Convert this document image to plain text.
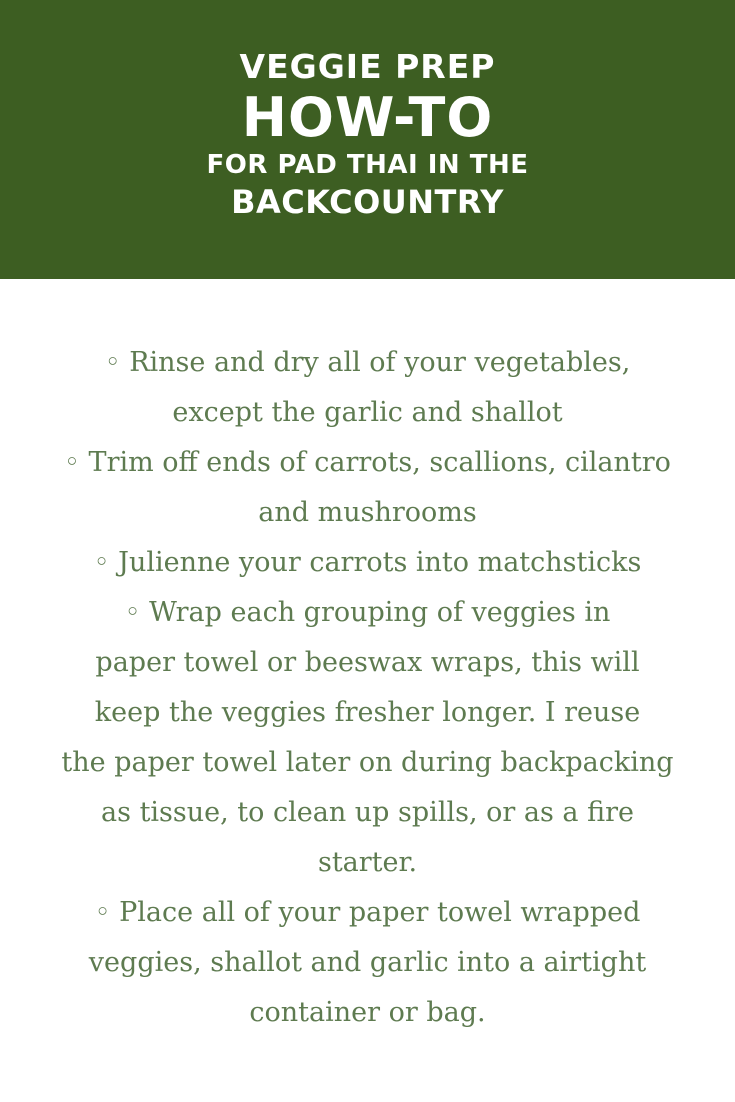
VEGGIE PREP
HOW-TO
FOR PAD THAI IN THE
BACKCOUNTRY
◦ Rinse and dry all of your vegetables,
except the garlic and shallot
◦ Trim off ends of carrots, scallions, cilantro
and mushrooms
◦ Julienne your carrots into matchsticks
◦ Wrap each grouping of veggies in
paper towel or beeswax wraps, this will
keep the veggies fresher longer. I reuse
the paper towel later on during backpacking
as tissue, to clean up spills, or as a fire
starter.
◦ Place all of your paper towel wrapped
veggies, shallot and garlic into a airtight
container or bag.
